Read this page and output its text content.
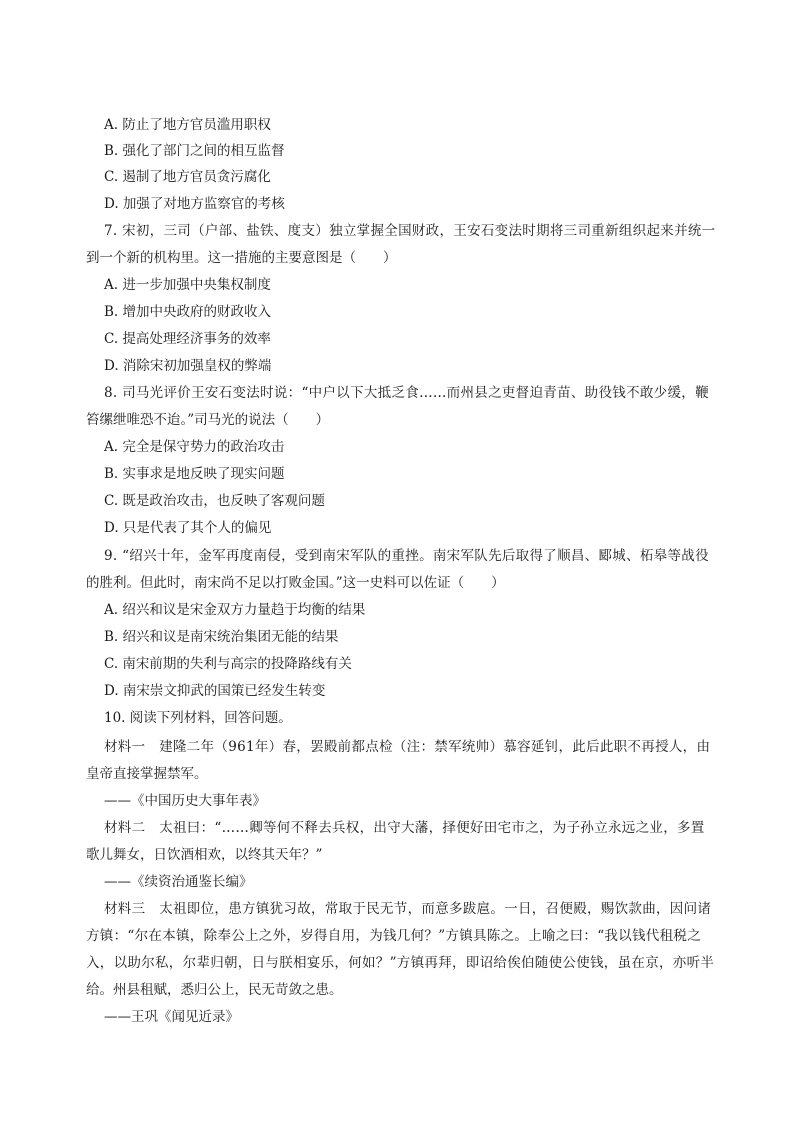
A. 防止了地方官员滥用职权
B. 强化了部门之间的相互监督
C. 遏制了地方官员贪污腐化
D. 加强了对地方监察官的考核
7. 宋初，三司（户部、盐铁、度支）独立掌握全国财政，王安石变法时期将三司重新组织起来并统一
到一个新的机构里。这一措施的主要意图是（　　）
A. 进一步加强中央集权制度
B. 增加中央政府的财政收入
C. 提高处理经济事务的效率
D. 消除宋初加强皇权的弊端
8. 司马光评价王安石变法时说：“中户以下大抵乏食……而州县之吏督迫青苗、助役钱不敢少缓，鞭
笞缧绁唯恐不迨。”司马光的说法（　　）
A. 完全是保守势力的政治攻击
B. 实事求是地反映了现实问题
C. 既是政治攻击，也反映了客观问题
D. 只是代表了其个人的偏见
9. “绍兴十年，金军再度南侵，受到南宋军队的重挫。南宋军队先后取得了顺昌、郾城、柘皋等战役
的胜利。但此时，南宋尚不足以打败金国。”这一史料可以佐证（　　）
A. 绍兴和议是宋金双方力量趋于均衡的结果
B. 绍兴和议是南宋统治集团无能的结果
C. 南宋前期的失利与高宗的投降路线有关
D. 南宋崇文抑武的国策已经发生转变
10. 阅读下列材料，回答问题。
材料一　建隆二年（961年）春，罢殿前都点检（注：禁军统帅）慕容延钊，此后此职不再授人，由
皇帝直接掌握禁军。
——《中国历史大事年表》
材料二　太祖曰：“……卿等何不释去兵权，出守大藩，择便好田宅市之，为子孙立永远之业，多置
歌儿舞女，日饮酒相欢，以终其天年？”
——《续资治通鉴长编》
材料三　太祖即位，患方镇犹习故，常取于民无节，而意多跋扈。一日，召便殿，赐饮款曲，因问诸
方镇：“尔在本镇，除奉公上之外，岁得自用，为钱几何？”方镇具陈之。上喻之曰：“我以钱代租税之
入，以助尔私，尔辈归朝，日与朕相宴乐，何如？”方镇再拜，即诏给俟伯随使公使钱，虽在京，亦听半
给。州县租赋，悉归公上，民无苛敛之患。
——王巩《闻见近录》
